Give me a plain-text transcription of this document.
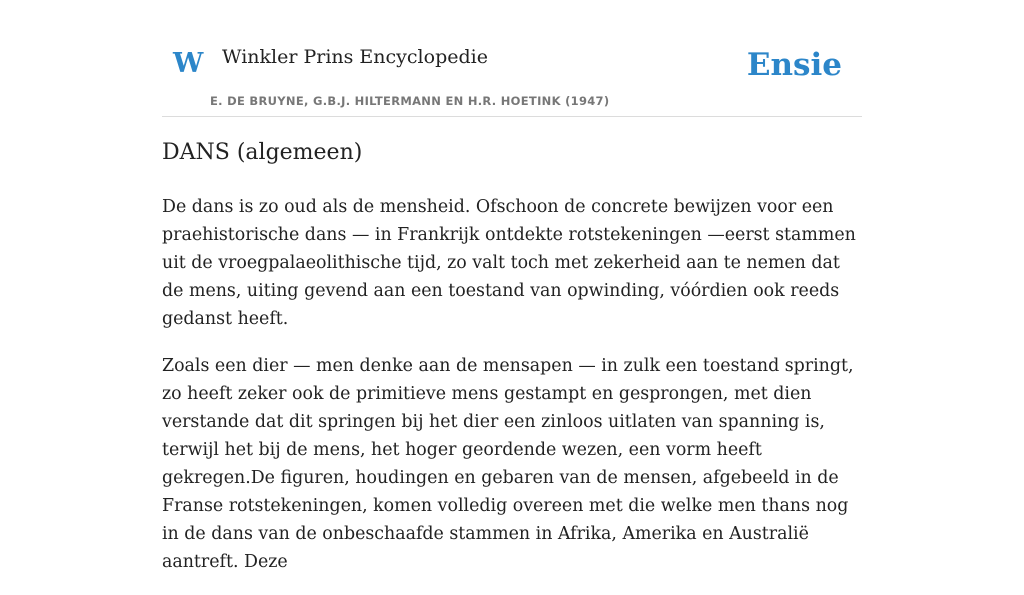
W Winkler Prins Encyclopedie
E. DE BRUYNE, G.B.J. HILTERMANN EN H.R. HOETINK (1947)
Ensie
DANS (algemeen)

De dans is zo oud als de mensheid. Ofschoon de concrete bewijzen voor een praehistorische dans — in Frankrijk ontdekte rotstekeningen —eerst stammen uit de vroegpalaeolithische tijd, zo valt toch met zekerheid aan te nemen dat de mens, uiting gevend aan een toestand van opwinding, vóórdien ook reeds gedanst heeft.

Zoals een dier — men denke aan de mensapen — in zulk een toestand springt, zo heeft zeker ook de primitieve mens gestampt en gesprongen, met dien verstande dat dit springen bij het dier een zinloos uitlaten van spanning is, terwijl het bij de mens, het hoger geordende wezen, een vorm heeft gekregen.De figuren, houdingen en gebaren van de mensen, afgebeeld in de Franse rotstekeningen, komen volledig overeen met die welke men thans nog in de dans van de onbeschaafde stammen in Afrika, Amerika en Australië aantreft. Deze
